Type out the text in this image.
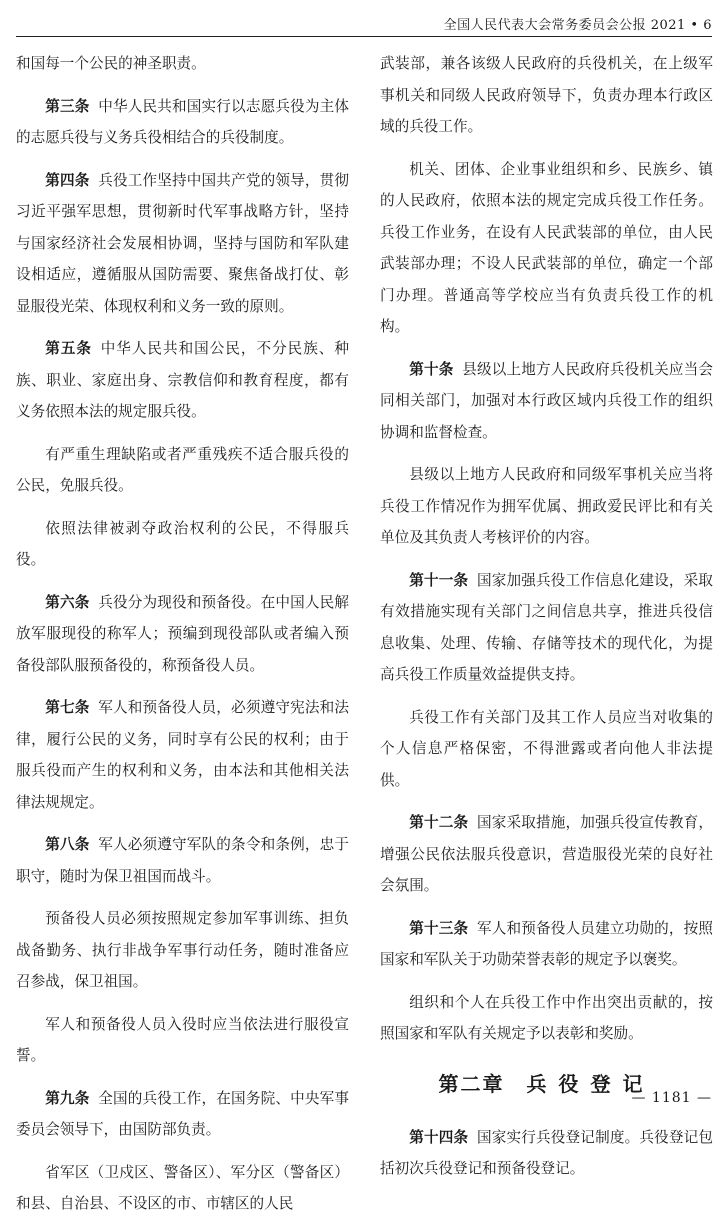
全国人民代表大会常务委员会公报 2021 • 6

和国每一个公民的神圣职责。

第三条 中华人民共和国实行以志愿兵役为主体的志愿兵役与义务兵役相结合的兵役制度。

第四条 兵役工作坚持中国共产党的领导，贯彻习近平强军思想，贯彻新时代军事战略方针，坚持与国家经济社会发展相协调，坚持与国防和军队建设相适应，遵循服从国防需要、聚焦备战打仗、彰显服役光荣、体现权利和义务一致的原则。

第五条 中华人民共和国公民，不分民族、种族、职业、家庭出身、宗教信仰和教育程度，都有义务依照本法的规定服兵役。

有严重生理缺陷或者严重残疾不适合服兵役的公民，免服兵役。

依照法律被剥夺政治权利的公民，不得服兵役。

第六条 兵役分为现役和预备役。在中国人民解放军服现役的称军人；预编到现役部队或者编入预备役部队服预备役的，称预备役人员。

第七条 军人和预备役人员，必须遵守宪法和法律，履行公民的义务，同时享有公民的权利；由于服兵役而产生的权利和义务，由本法和其他相关法律法规规定。

第八条 军人必须遵守军队的条令和条例，忠于职守，随时为保卫祖国而战斗。

预备役人员必须按照规定参加军事训练、担负战备勤务、执行非战争军事行动任务，随时准备应召参战，保卫祖国。

军人和预备役人员入役时应当依法进行服役宣誓。

第九条 全国的兵役工作，在国务院、中央军事委员会领导下，由国防部负责。

省军区（卫戍区、警备区）、军分区（警备区）和县、自治县、不设区的市、市辖区的人民

武装部，兼各该级人民政府的兵役机关，在上级军事机关和同级人民政府领导下，负责办理本行政区域的兵役工作。

机关、团体、企业事业组织和乡、民族乡、镇的人民政府，依照本法的规定完成兵役工作任务。兵役工作业务，在设有人民武装部的单位，由人民武装部办理；不设人民武装部的单位，确定一个部门办理。普通高等学校应当有负责兵役工作的机构。

第十条 县级以上地方人民政府兵役机关应当会同相关部门，加强对本行政区域内兵役工作的组织协调和监督检查。

县级以上地方人民政府和同级军事机关应当将兵役工作情况作为拥军优属、拥政爱民评比和有关单位及其负责人考核评价的内容。

第十一条 国家加强兵役工作信息化建设，采取有效措施实现有关部门之间信息共享，推进兵役信息收集、处理、传输、存储等技术的现代化，为提高兵役工作质量效益提供支持。

兵役工作有关部门及其工作人员应当对收集的个人信息严格保密，不得泄露或者向他人非法提供。

第十二条 国家采取措施，加强兵役宣传教育，增强公民依法服兵役意识，营造服役光荣的良好社会氛围。

第十三条 军人和预备役人员建立功勋的，按照国家和军队关于功勋荣誉表彰的规定予以褒奖。

组织和个人在兵役工作中作出突出贡献的，按照国家和军队有关规定予以表彰和奖励。

第二章 兵役登记

第十四条 国家实行兵役登记制度。兵役登记包括初次兵役登记和预备役登记。

— 1181 —
